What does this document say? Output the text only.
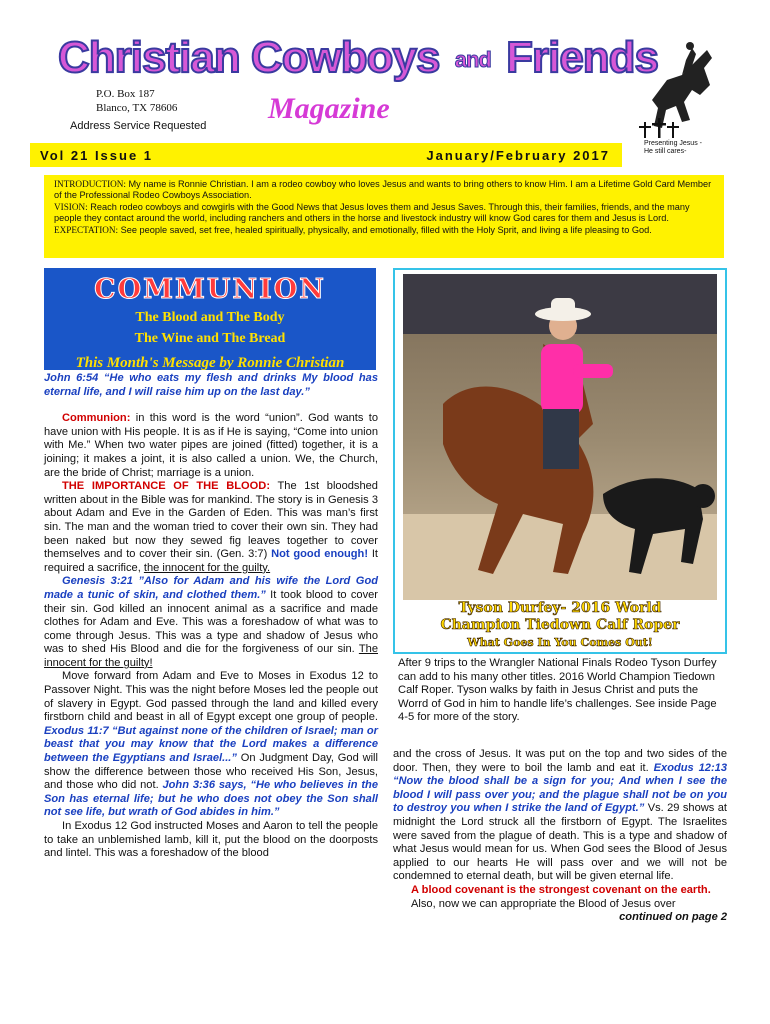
Christian Cowboys and Friends
Magazine
P.O. Box 187
Blanco, TX 78606
Address Service Requested
Presenting Jesus - He still cares-
Vol 21 Issue 1	January/February 2017
INTRODUCTION: My name is Ronnie Christian. I am a rodeo cowboy who loves Jesus and wants to bring others to know Him. I am a Lifetime Gold Card Member of the Professional Rodeo Cowboys Association.
VISION: Reach rodeo cowboys and cowgirls with the Good News that Jesus loves them and Jesus Saves. Through this, their families, friends, and the many people they contact around the world, including ranchers and others in the horse and livestock industry will know God cares for them and Jesus is Lord.
EXPECTATION: See people saved, set free, healed spiritually, physically, and emotionally, filled with the Holy Sprit, and living a life pleasing to God.
COMMUNION
The Blood and The Body
The Wine and The Bread
This Month's Message by Ronnie Christian

John 6:54 “He who eats my flesh and drinks My blood has eternal life, and I will raise him up on the last day.”

Communion: in this word is the word “union”. God wants to have union with His people. It is as if He is saying, “Come into union with Me.” When two water pipes are joined (fitted) together, it is a joining; it makes a joint, it is also called a union. We, the Church, are the bride of Christ; marriage is a union.

THE IMPORTANCE OF THE BLOOD: The 1st bloodshed written about in the Bible was for mankind. The story is in Genesis 3 about Adam and Eve in the Garden of Eden. This was man’s first sin. The man and the woman tried to cover their own sin. They had been naked but now they sewed fig leaves together to cover themselves and to cover their sin. (Gen. 3:7) Not good enough! It required a sacrifice, the innocent for the guilty.

Genesis 3:21 ”Also for Adam and his wife the Lord God made a tunic of skin, and clothed them.” It took blood to cover their sin. God killed an innocent animal as a sacrifice and made clothes for Adam and Eve. This was a foreshadow of what was to come through Jesus. This was a type and shadow of Jesus who was to shed His Blood and die for the forgiveness of our sin. The innocent for the guilty!

Move forward from Adam and Eve to Moses in Exodus 12 to Passover Night. This was the night before Moses led the people out of slavery in Egypt. God passed through the land and killed every firstborn child and beast in all of Egypt except one group of people. Exodus 11:7 “But against none of the children of Israel; man or beast that you may know that the Lord makes a difference between the Egyptians and Israel...” On Judgment Day, God will show the difference between those who received His Son, Jesus, and those who did not. John 3:36 says, “He who believes in the Son has eternal life; but he who does not obey the Son shall not see life, but wrath of God abides in him.”

In Exodus 12 God instructed Moses and Aaron to tell the people to take an unblemished lamb, kill it, put the blood on the doorposts and lintel. This was a foreshadow of the blood

Tyson Durfey- 2016 World
Champion Tiedown Calf Roper
What Goes In You Comes Out!
After 9 trips to the Wrangler National Finals Rodeo Tyson Durfey can add to his many other titles. 2016 World Champion Tiedown Calf Roper. Tyson walks by faith in Jesus Christ and puts the Worrd of God in him to handle life’s challenges. See inside Page 4-5 for more of the story.

and the cross of Jesus. It was put on the top and two sides of the door. Then, they were to boil the lamb and eat it. Exodus 12:13 “Now the blood shall be a sign for you; And when I see the blood I will pass over you; and the plague shall not be on you to destroy you when I strike the land of Egypt.” Vs. 29 shows at midnight the Lord struck all the firstborn of Egypt. The Israelites were saved from the plague of death. This is a type and shadow of what Jesus would mean for us. When God sees the Blood of Jesus applied to our hearts He will pass over and we will not be condemned to eternal death, but will be given eternal life.

A blood covenant is the strongest covenant on the earth.

Also, now we can appropriate the Blood of Jesus over

continued on page 2
